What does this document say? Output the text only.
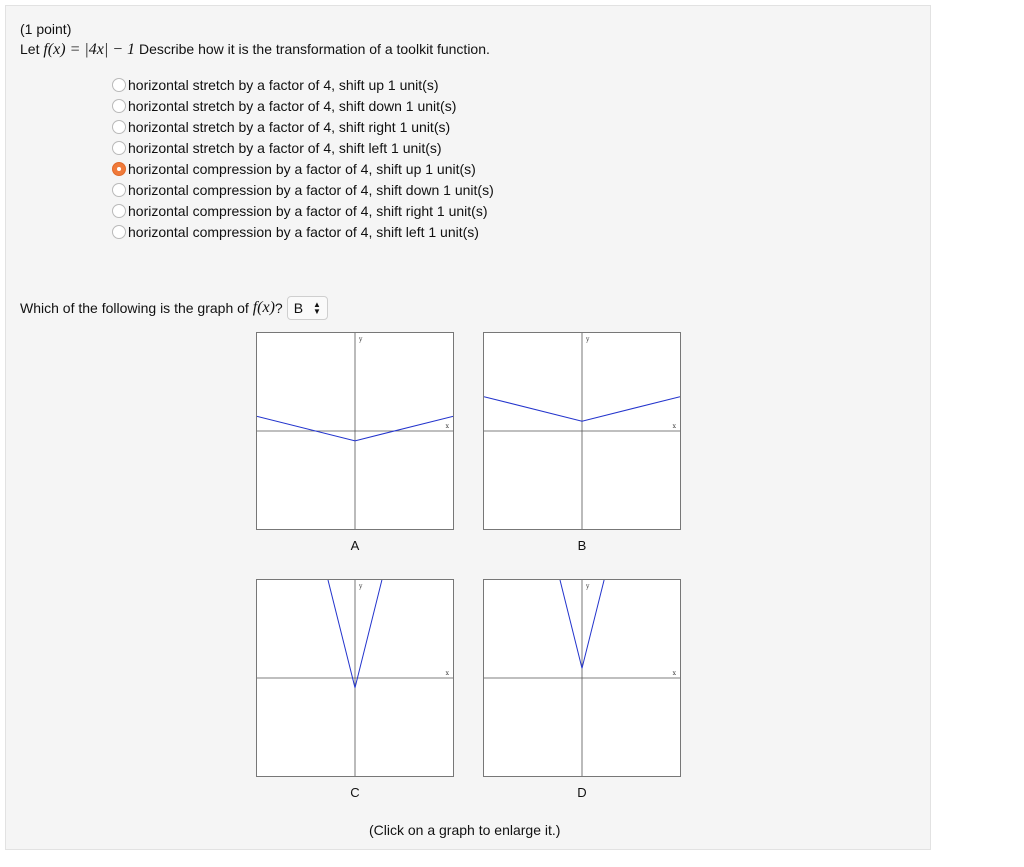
(1 point)
Let f(x) = |4x| − 1 Describe how it is the transformation of a toolkit function.
horizontal stretch by a factor of 4, shift up 1 unit(s)
horizontal stretch by a factor of 4, shift down 1 unit(s)
horizontal stretch by a factor of 4, shift right 1 unit(s)
horizontal stretch by a factor of 4, shift left 1 unit(s)
horizontal compression by a factor of 4, shift up 1 unit(s)
horizontal compression by a factor of 4, shift down 1 unit(s)
horizontal compression by a factor of 4, shift right 1 unit(s)
horizontal compression by a factor of 4, shift left 1 unit(s)
Which of the following is the graph of
f(x) ? B ▲
▼
x
y
A
x
y
B
x
y
C
x
y
D
(Click on a graph to enlarge it.)
